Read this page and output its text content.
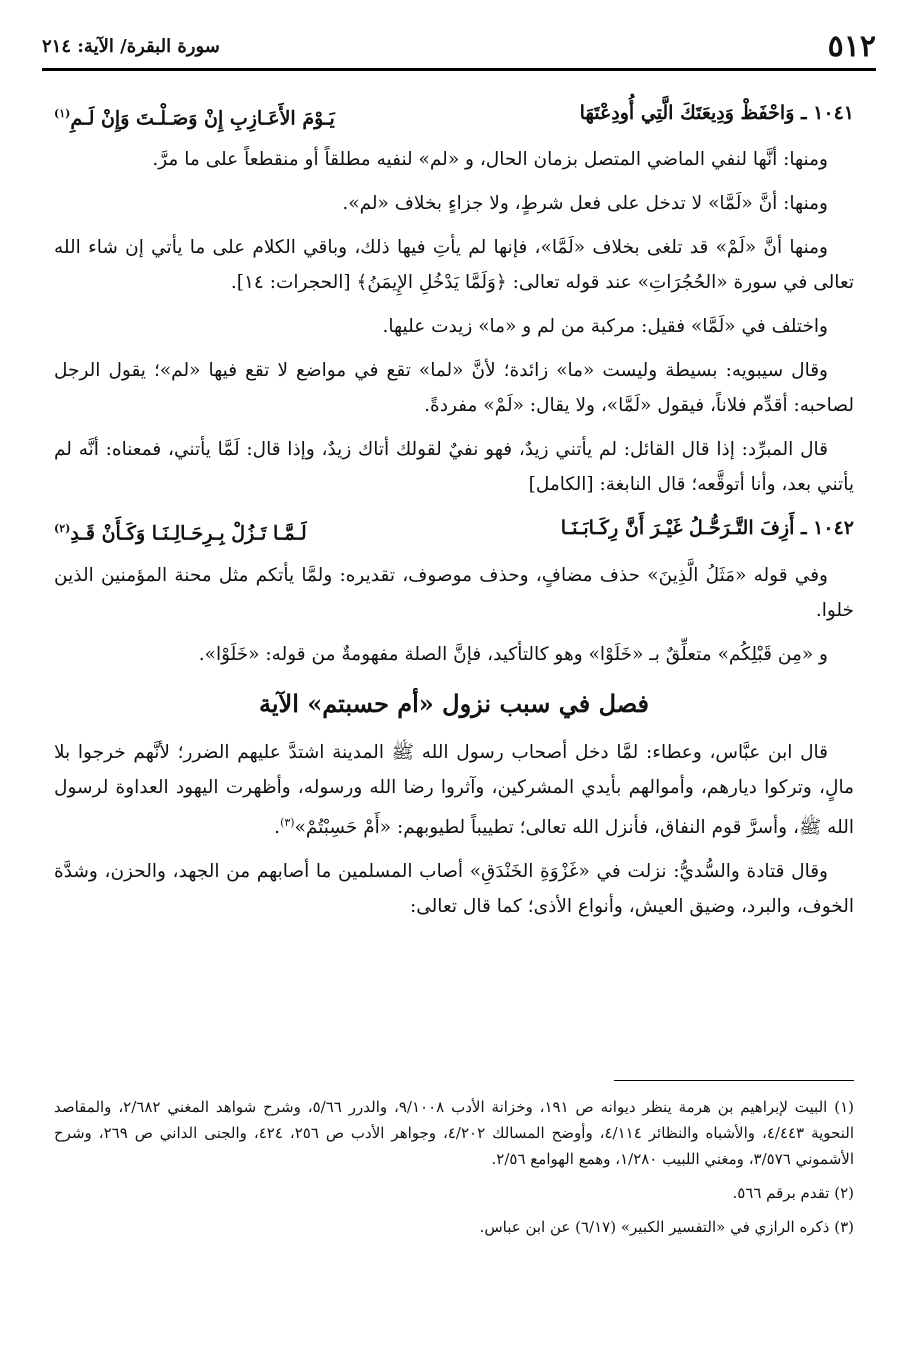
٥١٢
سورة البقرة/ الآية: ٢١٤
١٠٤١ ـ وَاحْفَظْ وَدِيعَتَكَ الَّتِي أُودِعْتَهَا
يَـوْمَ الأَعَـازِبِ إِنْ وَصَـلْـتَ وَإِنْ لَـمِ$^{(١)}$

ومنها: أنَّها لنفي الماضي المتصل بزمان الحال، و «لم» لنفيه مطلقاً أو منقطعاً على ما مرَّ.

ومنها: أنَّ «لَمَّا» لا تدخل على فعل شرطٍ، ولا جزاءٍ بخلاف «لم».

ومنها أنَّ «لَمْ» قد تلغى بخلاف «لَمَّا»، فإنها لم يأتِ فيها ذلك، وباقي الكلام على ما يأتي إن شاء الله تعالى في سورة «الحُجُرَاتِ» عند قوله تعالى: ﴿وَلَمَّا يَدْخُلِ الإِيمَنُ﴾ [الحجرات: ١٤].

واختلف في «لَمَّا» فقيل: مركبة من لم و «ما» زيدت عليها.

وقال سيبويه: بسيطة وليست «ما» زائدة؛ لأنَّ «لما» تقع في مواضع لا تقع فيها «لم»؛ يقول الرجل لصاحبه: أقدِّم فلاناً، فيقول «لَمَّا»، ولا يقال: «لَمْ» مفردةً.

قال المبرِّد: إذا قال القائل: لم يأتني زيدٌ، فهو نفيٌ لقولك أتاك زيدٌ، وإذا قال: لَمَّا يأتني، فمعناه: أنَّه لم يأتني بعد، وأنا أتوقَّعه؛ قال النابغة: [الكامل]

١٠٤٢ ـ أَزِفَ التَّـرَحُّـلُ غَيْـرَ أَنَّ رِكَـابَـنَـا
لَـمَّـا تَـزُلْ بِـرِحَـالِـنَـا وَكَـأَنْ قَـدِ$^{(٢)}$

وفي قوله «مَثَلُ الَّذِينَ» حذف مضافٍ، وحذف موصوف، تقديره: ولمَّا يأتكم مثل محنة المؤمنين الذين خلوا.

و «مِن قَبْلِكُم» متعلِّقٌ بـ «خَلَوْا» وهو كالتأكيد، فإنَّ الصلة مفهومةٌ من قوله: «خَلَوْا».

فصل في سبب نزول «أم حسبتم» الآية

قال ابن عبَّاس، وعطاء: لمَّا دخل أصحاب رسول الله ﷺ المدينة اشتدَّ عليهم الضرر؛ لأنَّهم خرجوا بلا مالٍ، وتركوا ديارهم، وأموالهم بأيدي المشركين، وآثروا رضا الله ورسوله، وأظهرت اليهود العداوة لرسول الله ﷺ، وأسرَّ قوم النفاق، فأنزل الله تعالى؛ تطييباً لطيوبهم: «أَمْ حَسِبْتُمْ»$^{(٣)}$.

وقال قتادة والسُّديُّ: نزلت في «غَزْوَةِ الخَنْدَقِ» أصاب المسلمين ما أصابهم من الجهد، والحزن، وشدَّة الخوف، والبرد، وضيق العيش، وأنواع الأذى؛ كما قال تعالى:

(١) البيت لإبراهيم بن هرمة ينظر ديوانه ص ١٩١، وخزانة الأدب ٩/١٠٠٨، والدرر ٥/٦٦، وشرح شواهد المغني ٢/٦٨٢، والمقاصد النحوية ٤/٤٤٣، والأشباه والنظائر ٤/١١٤، وأوضح المسالك ٤/٢٠٢، وجواهر الأدب ص ٢٥٦، ٤٢٤، والجنى الداني ص ٢٦٩، وشرح الأشموني ٣/٥٧٦، ومغني اللبيب ١/٢٨٠، وهمع الهوامع ٢/٥٦.
(٢) تقدم برقم ٥٦٦.
(٣) ذكره الرازي في «التفسير الكبير» (٦/١٧) عن ابن عباس.
